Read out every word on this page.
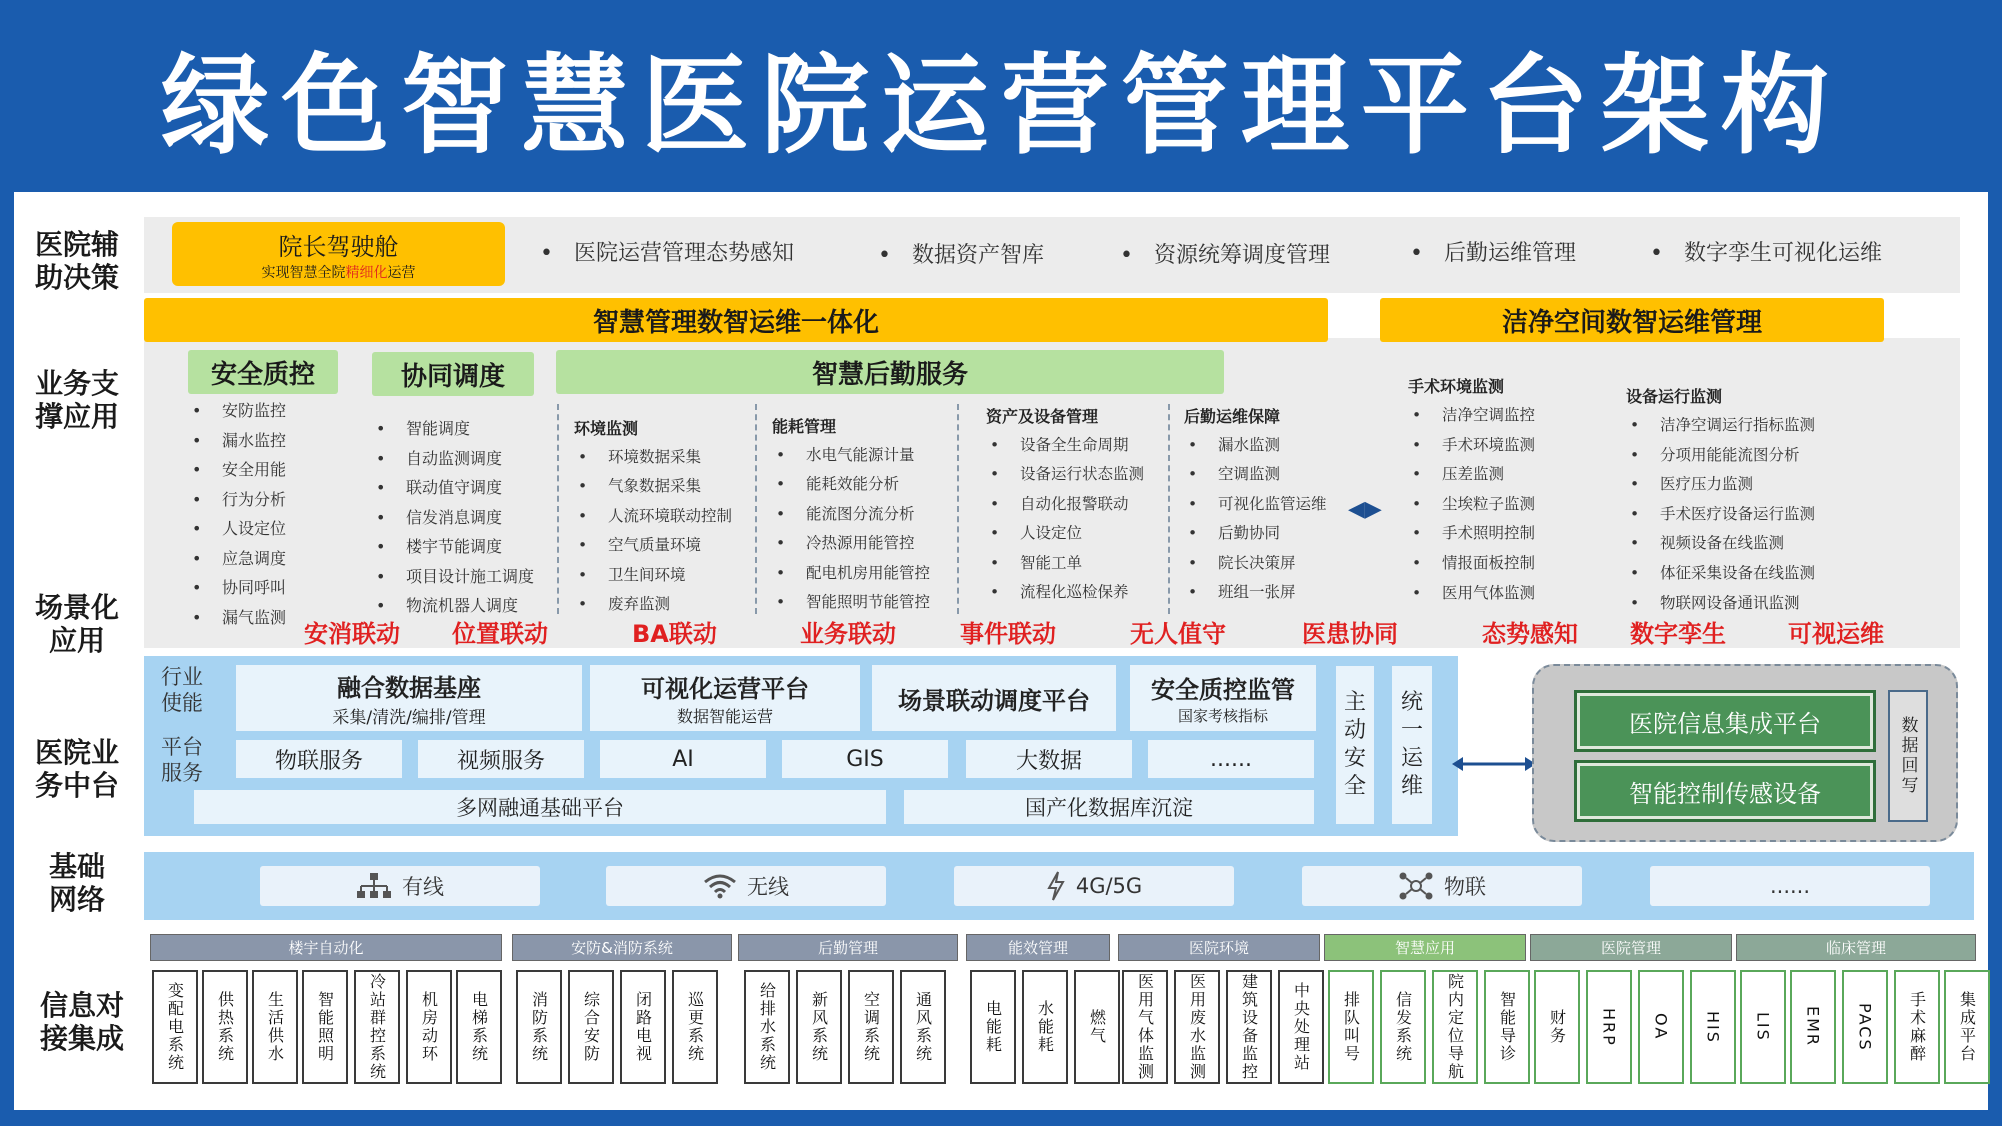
绿色智慧医院运营管理平台架构
医院辅
助决策
业务支
撑应用
场景化
应用
医院业
务中台
基础
网络
信息对
接集成
院长驾驶舱
实现智慧全院精细化运营
•   医院运营管理态势感知	•   数据资产智库	•   资源统筹调度管理	•   后勤运维管理	•   数字孪生可视化运维
智慧管理数智运维一体化	洁净空间数智运维管理
安全质控	协同调度	智慧后勤服务
• 安防监控
• 漏水监控
• 安全用能
• 行为分析
• 人设定位
• 应急调度
• 协同呼叫
• 漏气监测
• 智能调度
• 自动监测调度
• 联动值守调度
• 信发消息调度
• 楼宇节能调度
• 项目设计施工调度
• 物流机器人调度
环境监测
• 环境数据采集
• 气象数据采集
• 人流环境联动控制
• 空气质量环境
• 卫生间环境
• 废弃监测
能耗管理
• 水电气能源计量
• 能耗效能分析
• 能流图分流分析
• 冷热源用能管控
• 配电机房用能管控
• 智能照明节能管控
资产及设备管理
• 设备全生命周期
• 设备运行状态监测
• 自动化报警联动
• 人设定位
• 智能工单
• 流程化巡检保养
后勤运维保障
• 漏水监测
• 空调监测
• 可视化监管运维
• 后勤协同
• 院长决策屏
• 班组一张屏
◀▶
手术环境监测
• 洁净空调监控
• 手术环境监测
• 压差监测
• 尘埃粒子监测
• 手术照明控制
• 情报面板控制
• 医用气体监测
设备运行监测
• 洁净空调运行指标监测
• 分项用能能流图分析
• 医疗压力监测
• 手术医疗设备运行监测
• 视频设备在线监测
• 体征采集设备在线监测
• 物联网设备通讯监测
安消联动 位置联动	BA联动	业务联动	事件联动	无人值守	医患协同	态势感知 数字孪生	可视运维
行业
使能
平台
服务
融合数据基座
采集/清洗/编排/管理
可视化运营平台
数据智能运营
场景联动调度平台	安全质控监管
国家考核指标
物联服务	视频服务	AI	GIS	大数据	......
多网融通基础平台	国产化数据库沉淀
主
动
安
全
统
一
运
维
医院信息集成平台
智能控制传感设备	数据回写
有线	无线	4G/5G	物联	......
楼宇自动化
变配电系统	供热系统	生活供水	智能照明	冷站群控系统	机房动环	电梯系统
安防&消防系统
消防系统	综合安防	闭路电视	巡更系统
后勤管理
给排水系统	新风系统	空调系统	通风系统
能效管理
电能耗	水能耗	燃气
医院环境
医用气体监测	医用废水监测	建筑设备监控	中央处理站
智慧应用
排队叫号	信发系统	院内定位导航	智能导诊
医院管理
财务	HRP	OA
临床管理
HIS	LIS	EMR	PACS	手术麻醉	集成平台
